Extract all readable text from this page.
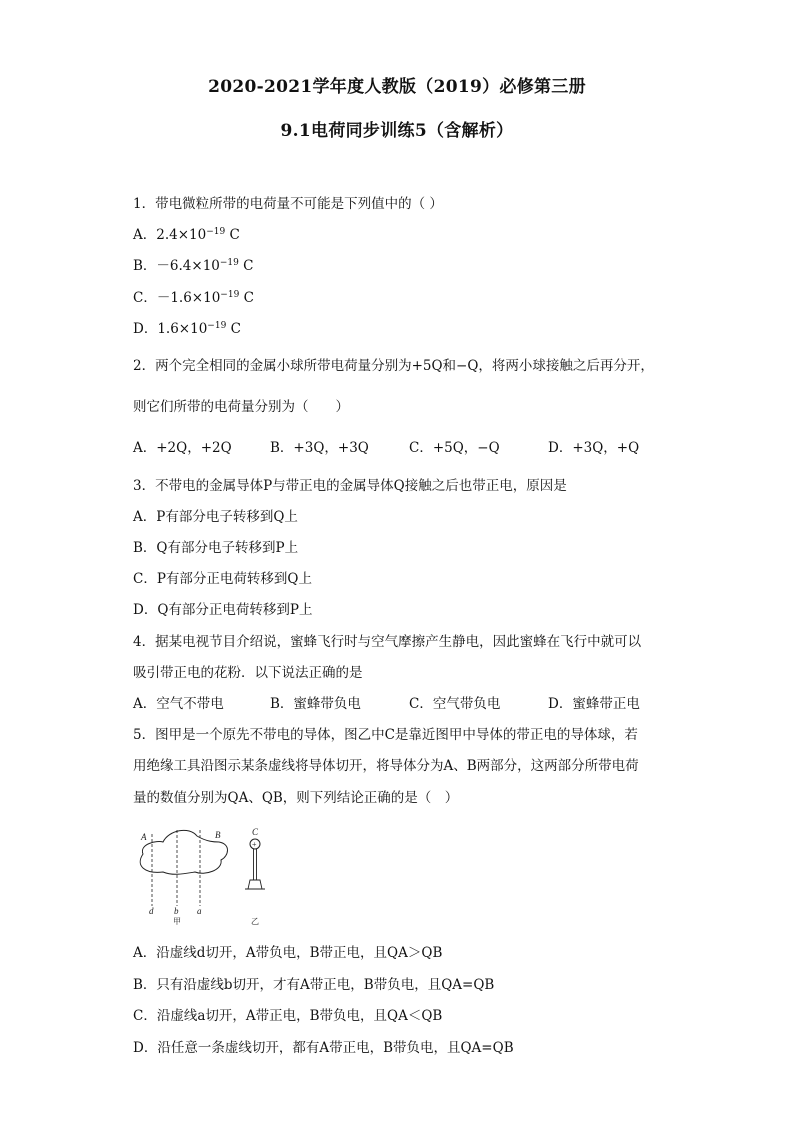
2020-2021学年度人教版（2019）必修第三册
9.1电荷同步训练5（含解析）
1．带电微粒所带的电荷量不可能是下列值中的（ ）
A．$2.4\times 10^{-19}$ C
B．$-6.4\times 10^{-19}$ C
C．$-1.6\times 10^{-19}$ C
D．$1.6\times 10^{-19}$ C
2．两个完全相同的金属小球所带电荷量分别为+5Q和−Q，将两小球接触之后再分开，
则它们所带的电荷量分别为（　　）
A．+2Q，+2Q	B．+3Q，+3Q	C．+5Q，−Q	D．+3Q，+Q
3．不带电的金属导体P与带正电的金属导体Q接触之后也带正电，原因是
A．P有部分电子转移到Q上
B．Q有部分电子转移到P上
C．P有部分正电荷转移到Q上
D．Q有部分正电荷转移到P上
4．据某电视节目介绍说，蜜蜂飞行时与空气摩擦产生静电，因此蜜蜂在飞行中就可以
吸引带正电的花粉．以下说法正确的是
A．空气不带电	B．蜜蜂带负电	C．空气带负电	D．蜜蜂带正电
5．图甲是一个原先不带电的导体，图乙中C是靠近图甲中导体的带正电的导体球，若
用绝缘工具沿图示某条虚线将导体切开，将导体分为A、B两部分，这两部分所带电荷
量的数值分别为QA、QB，则下列结论正确的是（　）
A	B
d b a
甲
C
+
乙
A．沿虚线d切开，A带负电，B带正电，且QA＞QB
B．只有沿虚线b切开，才有A带正电，B带负电，且QA=QB
C．沿虚线a切开，A带正电，B带负电，且QA＜QB
D．沿任意一条虚线切开，都有A带正电，B带负电，且QA=QB
